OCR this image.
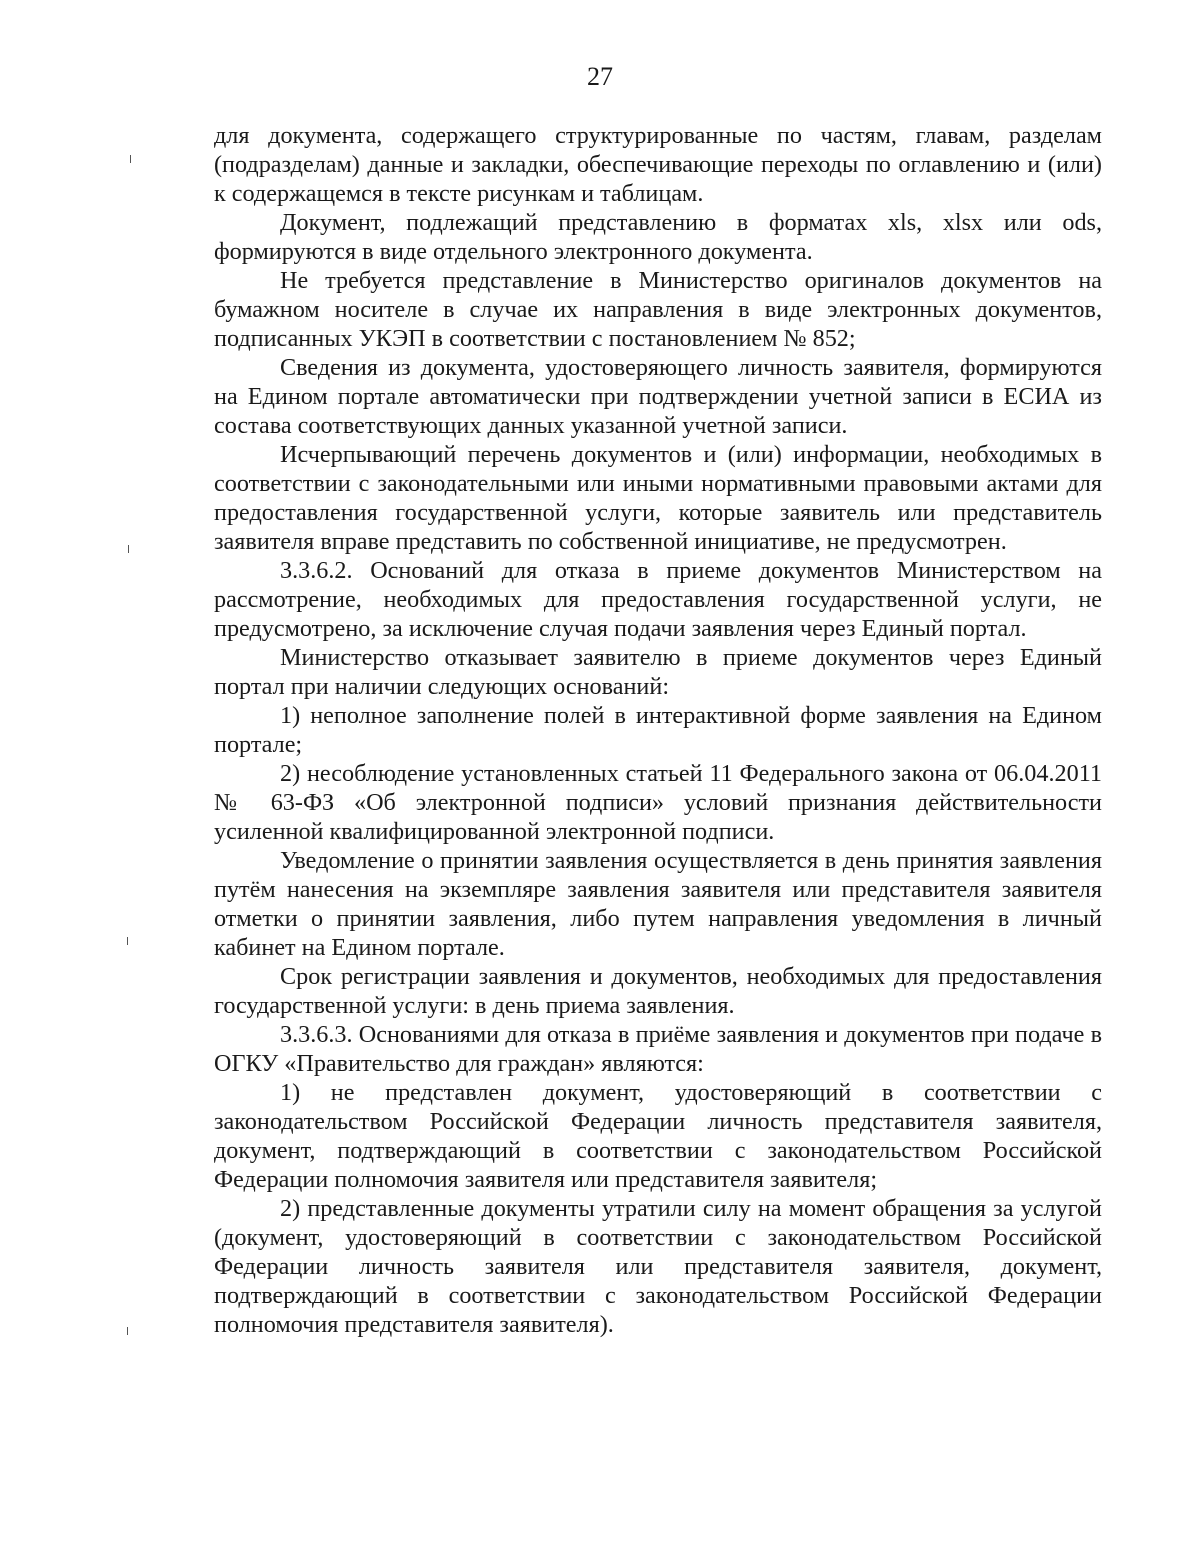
27

для документа, содержащего структурированные по частям, главам, разделам (подразделам) данные и закладки, обеспечивающие переходы по оглавлению и (или) к содержащемся в тексте рисункам и таблицам.

Документ, подлежащий представлению в форматах xls, xlsx или ods, формируются в виде отдельного электронного документа.

Не требуется представление в Министерство оригиналов документов на бумажном носителе в случае их направления в виде электронных документов, подписанных УКЭП в соответствии с постановлением № 852;

Сведения из документа, удостоверяющего личность заявителя, формируются на Едином портале автоматически при подтверждении учетной записи в ЕСИА из состава соответствующих данных указанной учетной записи.

Исчерпывающий перечень документов и (или) информации, необходимых в соответствии с законодательными или иными нормативными правовыми актами для предоставления государственной услуги, которые заявитель или представитель заявителя вправе представить по собственной инициативе, не предусмотрен.

3.3.6.2. Оснований для отказа в приеме документов Министерством на рассмотрение, необходимых для предоставления государственной услуги, не предусмотрено, за исключение случая подачи заявления через Единый портал.

Министерство отказывает заявителю в приеме документов через Единый портал при наличии следующих оснований:

1) неполное заполнение полей в интерактивной форме заявления на Едином портале;

2) несоблюдение установленных статьей 11 Федерального закона от 06.04.2011 № 63-ФЗ «Об электронной подписи» условий признания действительности усиленной квалифицированной электронной подписи.

Уведомление о принятии заявления осуществляется в день принятия заявления путём нанесения на экземпляре заявления заявителя или представителя заявителя отметки о принятии заявления, либо путем направления уведомления в личный кабинет на Едином портале.

Срок регистрации заявления и документов, необходимых для предоставления государственной услуги: в день приема заявления.

3.3.6.3. Основаниями для отказа в приёме заявления и документов при подаче в ОГКУ «Правительство для граждан» являются:

1) не представлен документ, удостоверяющий в соответствии с законодательством Российской Федерации личность представителя заявителя, документ, подтверждающий в соответствии с законодательством Российской Федерации полномочия заявителя или представителя заявителя;

2) представленные документы утратили силу на момент обращения за услугой (документ, удостоверяющий в соответствии с законодательством Российской Федерации личность заявителя или представителя заявителя, документ, подтверждающий в соответствии с законодательством Российской Федерации полномочия представителя заявителя).
